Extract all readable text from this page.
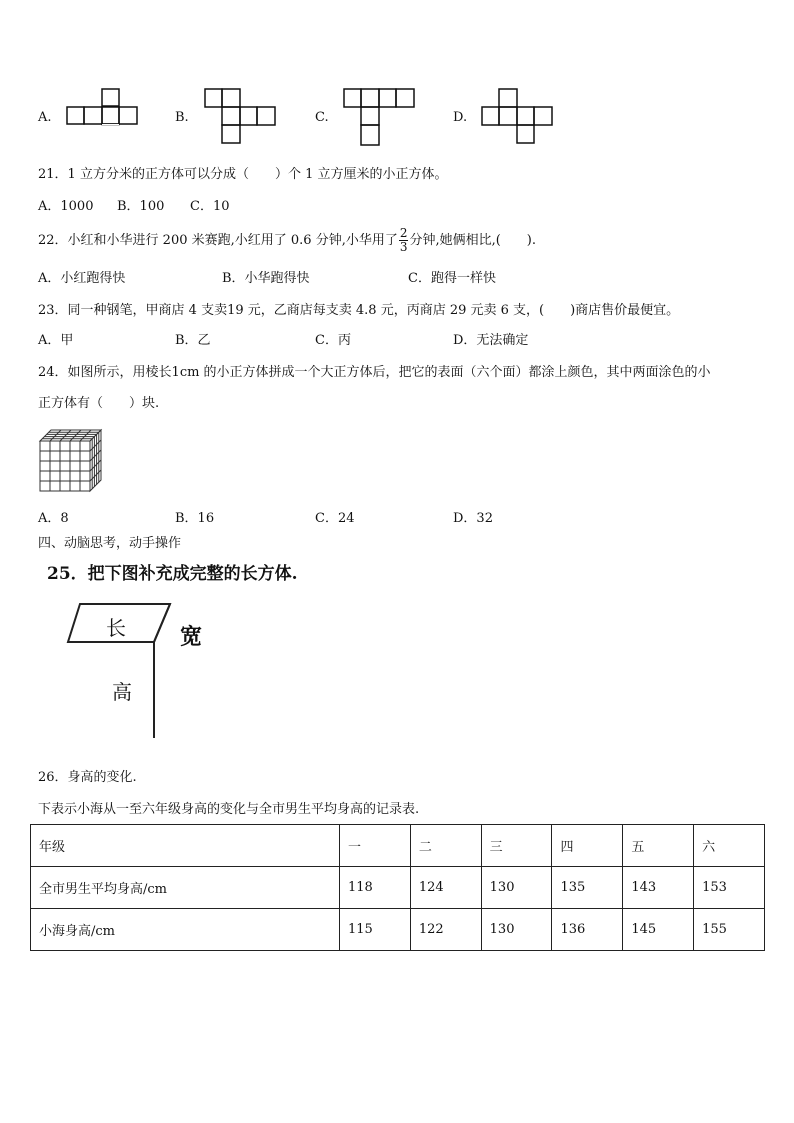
A.	B.	C.	D.
21．1 立方分米的正方体可以分成（　　）个 1 立方厘米的小正方体。
A．1000 B．100 C．10
22．小红和小华进行 200 米赛跑,小红用了 0.6 分钟,小华用了 $\frac{2}{3}$ 分钟,她俩相比,(　　).
A．小红跑得快	B．小华跑得快	C．跑得一样快
23．同一种钢笔，甲商店 4 支卖19 元，乙商店每支卖 4.8 元，丙商店 29 元卖 6 支，(　　)商店售价最便宜。
A．甲	B．乙	C．丙	D．无法确定
24．如图所示，用棱长1cm 的小正方体拼成一个大正方体后，把它的表面（六个面）都涂上颜色，其中两面涂色的小
正方体有（　　）块.
A．8	B．16	C．24	D．32
四、动脑思考，动手操作
25．把下图补充成完整的长方体.
长 宽
高
26．身高的变化.
下表示小海从一至六年级身高的变化与全市男生平均身高的记录表.
年级	一	二	三	四	五	六
全市男生平均身高/cm	118	124	130	135	143	153
小海身高/cm	115	122	130	136	145	155
